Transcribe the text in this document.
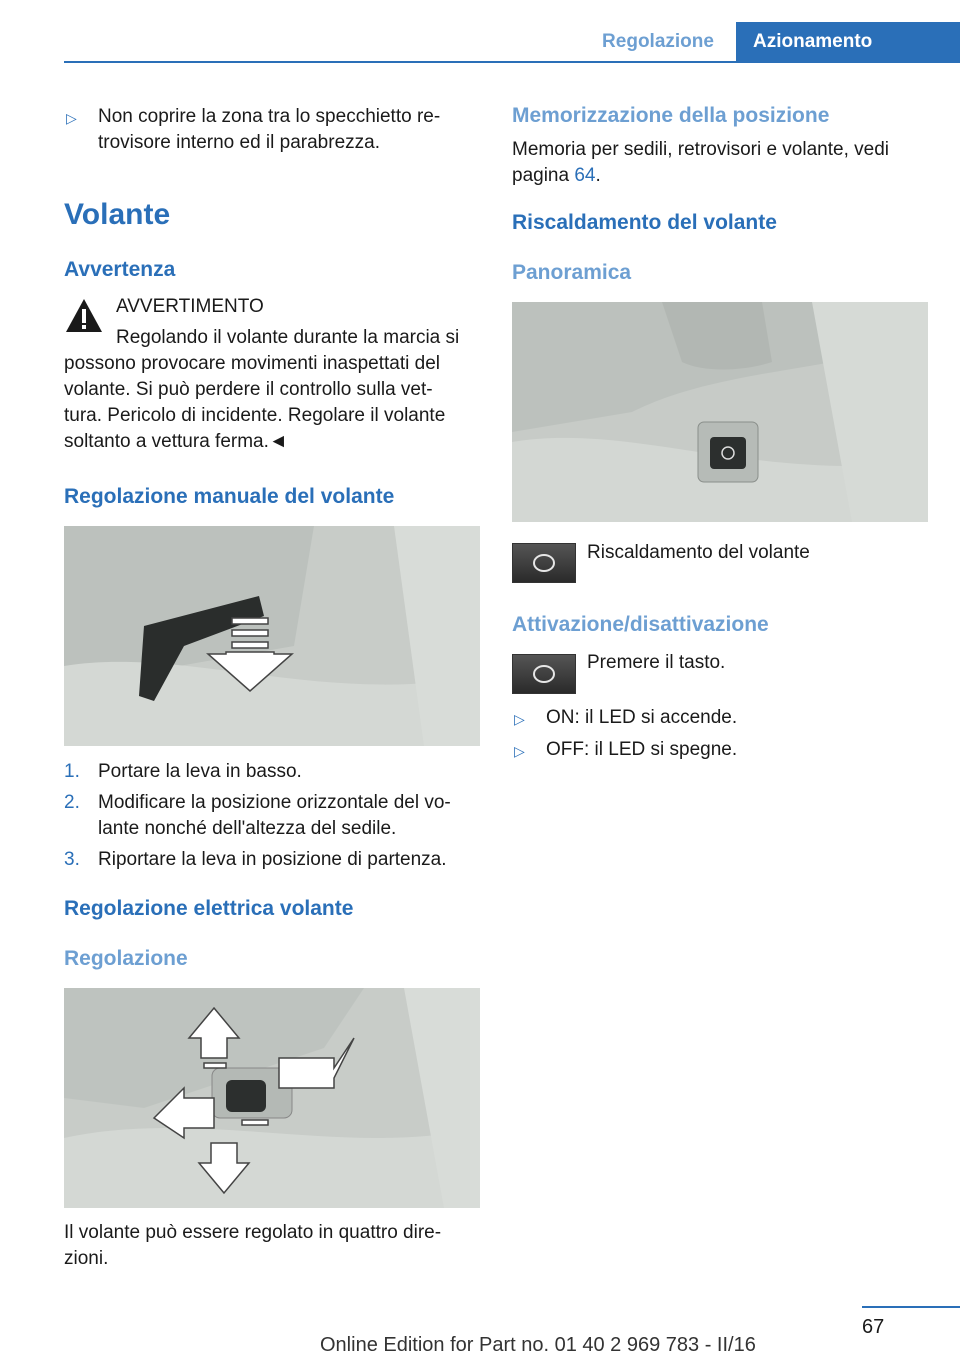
Regolazione	Azionamento
▷ Non coprire la zona tra lo specchietto re-
trovisore interno ed il parabrezza.
Volante
Avvertenza
AVVERTIMENTO
Regolando il volante durante la marcia si
possono provocare movimenti inaspettati del
volante. Si può perdere il controllo sulla vet-
tura. Pericolo di incidente. Regolare il volante
soltanto a vettura ferma.◄
Regolazione manuale del volante
1. Portare la leva in basso.
2. Modificare la posizione orizzontale del vo-
lante nonché dell'altezza del sedile.
3. Riportare la leva in posizione di partenza.
Regolazione elettrica volante
Regolazione
Il volante può essere regolato in quattro dire-
zioni.
Memorizzazione della posizione
Memoria per sedili, retrovisori e volante, vedi
pagina 64.
Riscaldamento del volante
Panoramica
Riscaldamento del volante
Attivazione/disattivazione
Premere il tasto.
▷ ON: il LED si accende.
▷ OFF: il LED si spegne.
67
Online Edition for Part no. 01 40 2 969 783 - II/16
